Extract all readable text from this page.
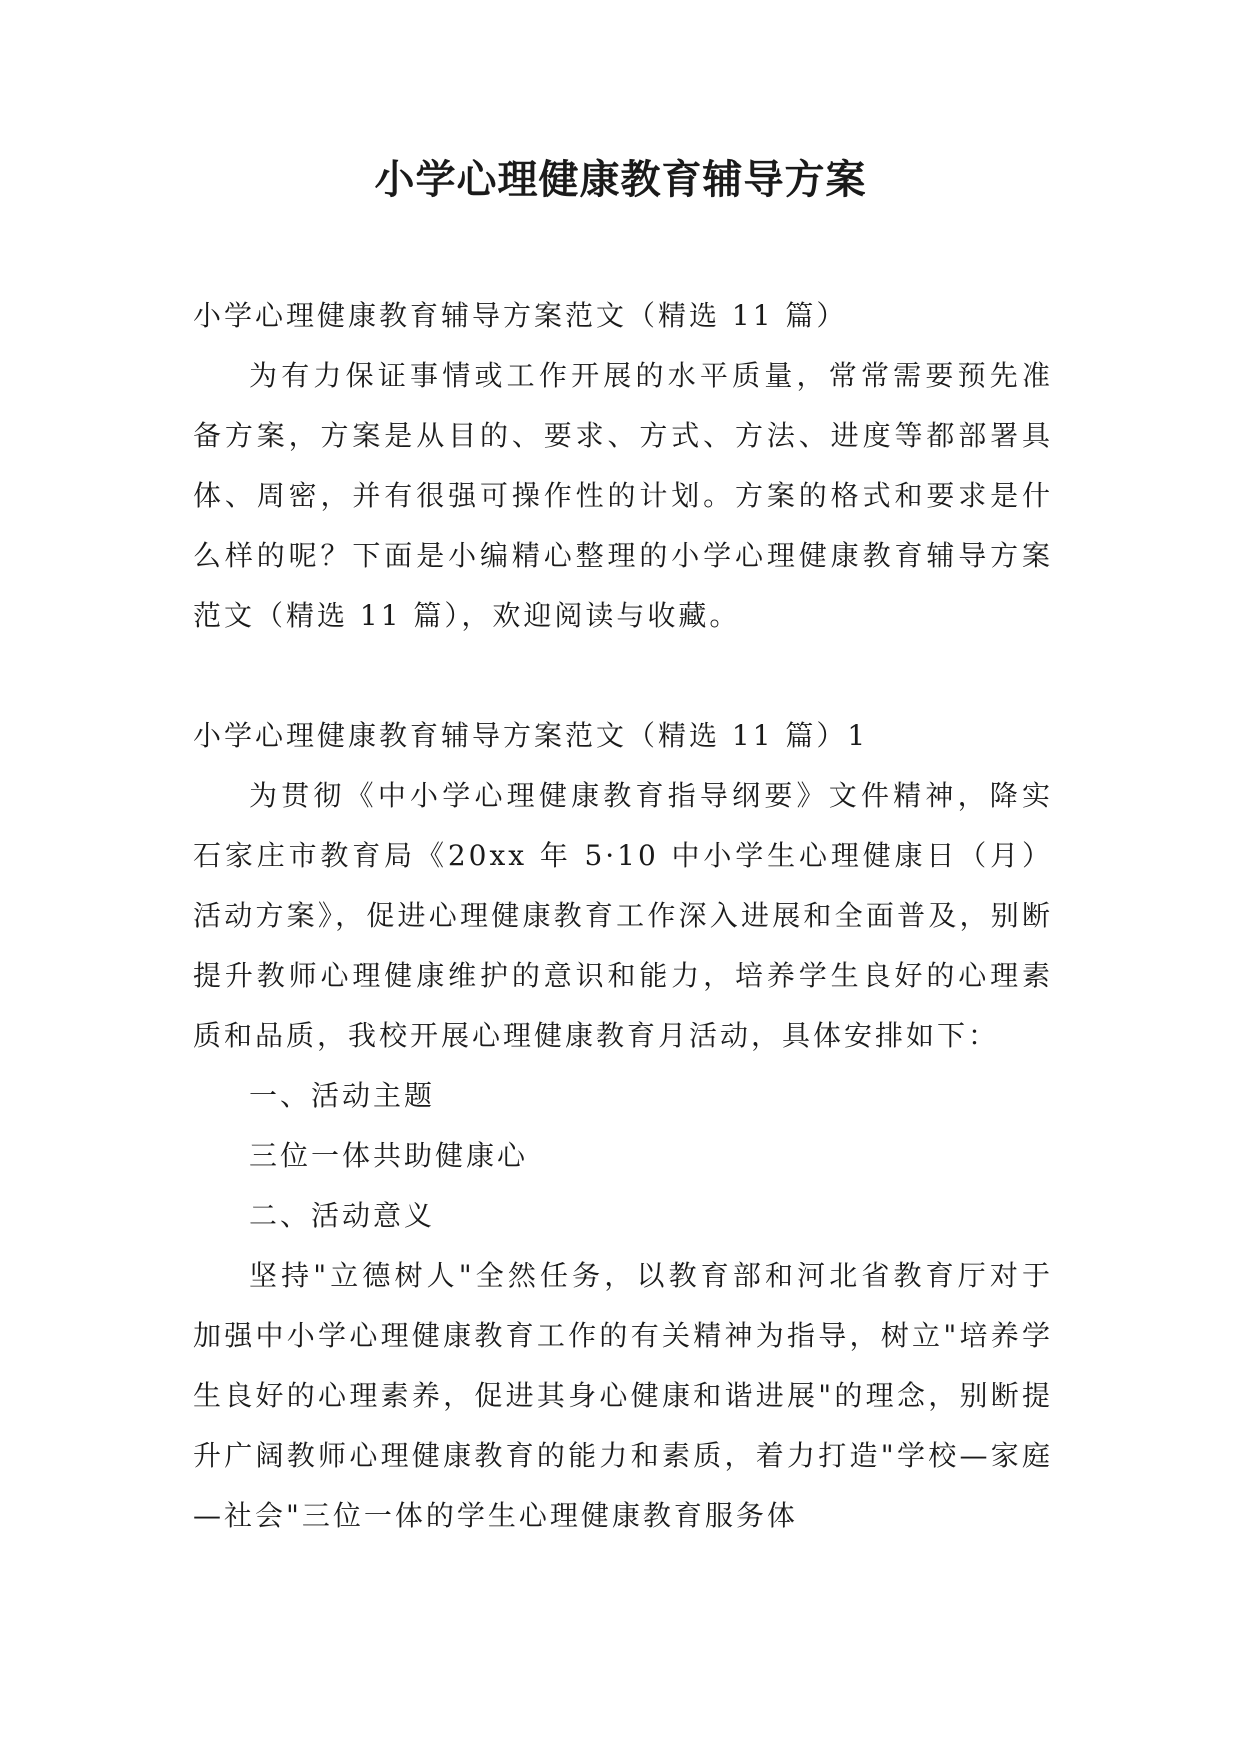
小学心理健康教育辅导方案

小学心理健康教育辅导方案范文（精选 11 篇）

为有力保证事情或工作开展的水平质量，常常需要预先准备方案，方案是从目的、要求、方式、方法、进度等都部署具体、周密，并有很强可操作性的计划。方案的格式和要求是什么样的呢？下面是小编精心整理的小学心理健康教育辅导方案范文（精选 11 篇），欢迎阅读与收藏。

小学心理健康教育辅导方案范文（精选 11 篇）1

为贯彻《中小学心理健康教育指导纲要》文件精神，降实石家庄市教育局《20xx 年 5·10 中小学生心理健康日（月）活动方案》，促进心理健康教育工作深入进展和全面普及，别断提升教师心理健康维护的意识和能力，培养学生良好的心理素质和品质，我校开展心理健康教育月活动，具体安排如下：

一、活动主题

三位一体共助健康心

二、活动意义

坚持"立德树人"全然任务，以教育部和河北省教育厅对于加强中小学心理健康教育工作的有关精神为指导，树立"培养学生良好的心理素养，促进其身心健康和谐进展"的理念，别断提升广阔教师心理健康教育的能力和素质，着力打造"学校—家庭—社会"三位一体的学生心理健康教育服务体
